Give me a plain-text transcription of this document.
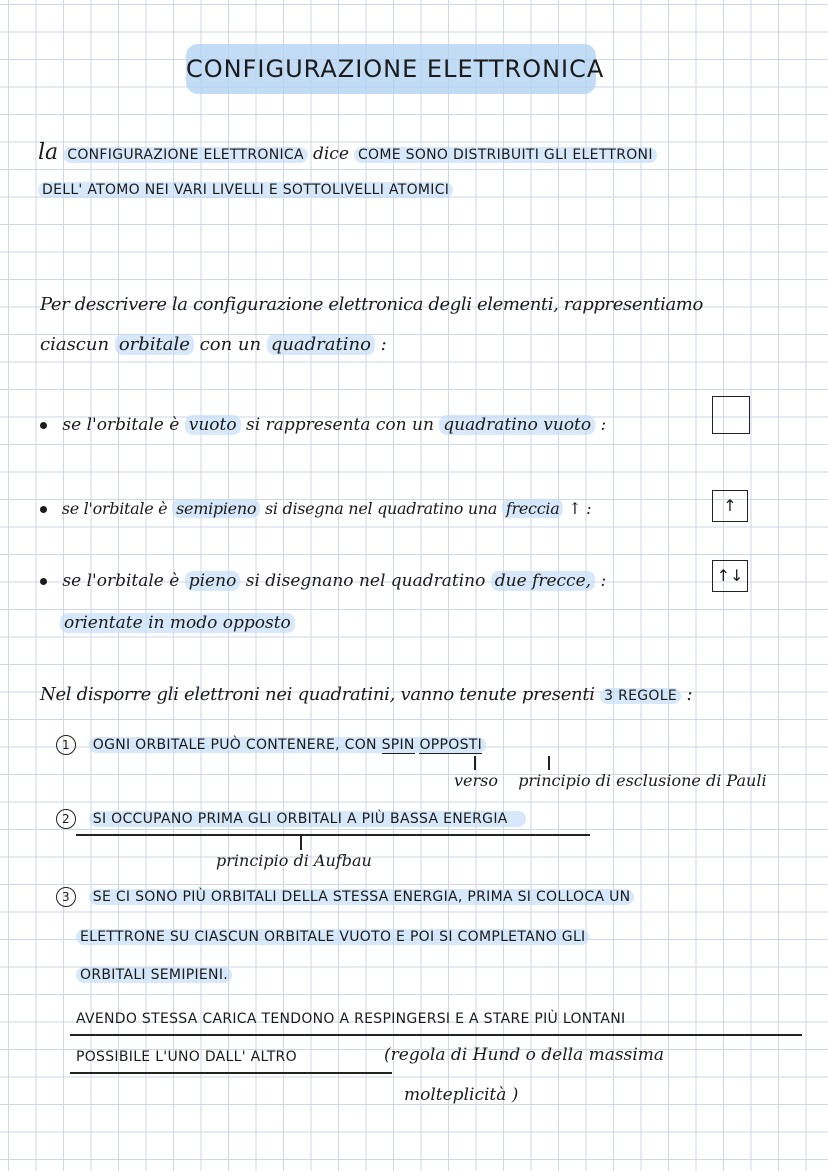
CONFIGURAZIONE ELETTRONICA
la CONFIGURAZIONE ELETTRONICA dice COME SONO DISTRIBUITI GLI ELETTRONI
DELL' ATOMO NEI VARI LIVELLI E SOTTOLIVELLI ATOMICI
Per descrivere la configurazione elettronica degli elementi, rappresentiamo
ciascun orbitale con un quadratino :
se l'orbitale è vuoto si rappresenta con un quadratino vuoto :
se l'orbitale è semipieno si disegna nel quadratino una freccia ↑ :	↑
se l'orbitale è pieno si disegnano nel quadratino due frecce, :	↑↓
orientate in modo opposto
Nel disporre gli elettroni nei quadratini, vanno tenute presenti 3 REGOLE :
1 OGNI ORBITALE PUÒ CONTENERE, CON SPIN OPPOSTI
verso principio di esclusione di Pauli
2 SI OCCUPANO PRIMA GLI ORBITALI A PIÙ BASSA ENERGIA
principio di Aufbau
3 SE CI SONO PIÙ ORBITALI DELLA STESSA ENERGIA, PRIMA SI COLLOCA UN
ELETTRONE SU CIASCUN ORBITALE VUOTO E POI SI COMPLETANO GLI
ORBITALI SEMIPIENI.
AVENDO STESSA CARICA TENDONO A RESPINGERSI E A STARE PIÙ LONTANI
POSSIBILE L'UNO DALL' ALTRO	(regola di Hund o della massima
molteplicità )
